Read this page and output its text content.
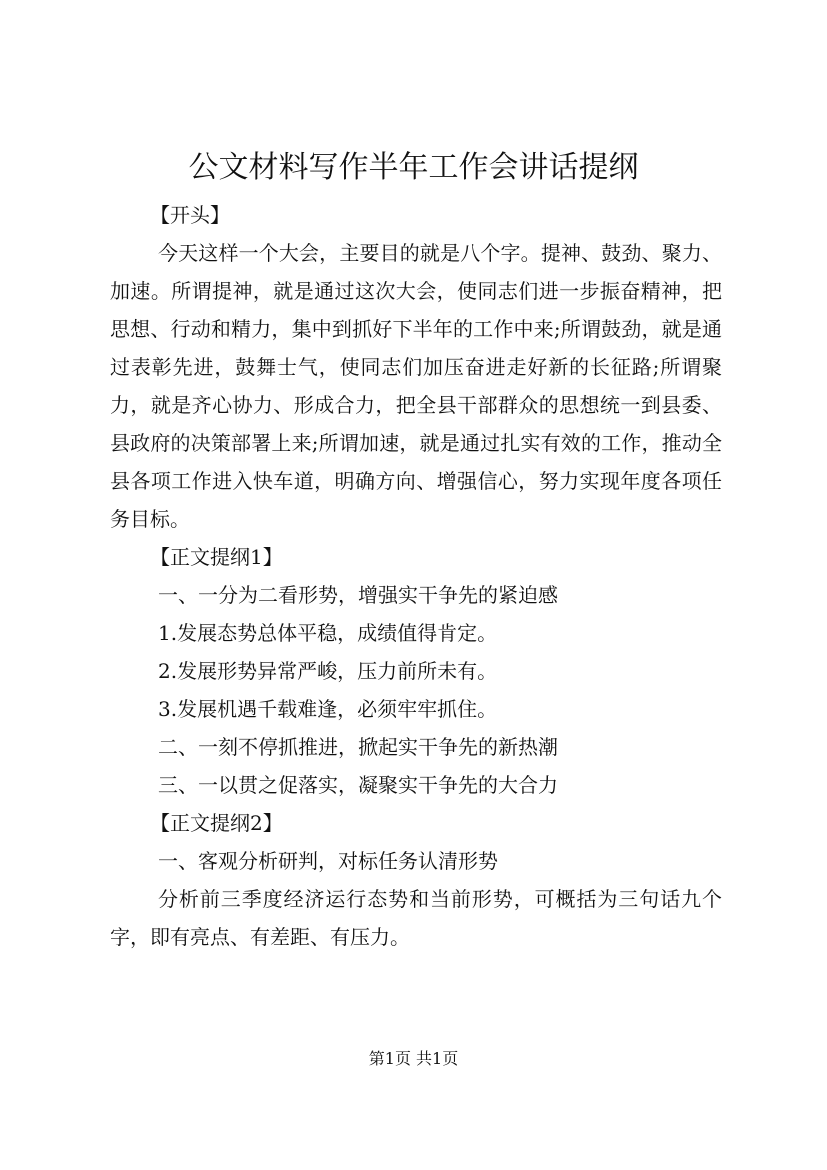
公文材料写作半年工作会讲话提纲

【开头】

今天这样一个大会，主要目的就是八个字。提神、鼓劲、聚力、加速。所谓提神，就是通过这次大会，使同志们进一步振奋精神，把思想、行动和精力，集中到抓好下半年的工作中来;所谓鼓劲，就是通过表彰先进，鼓舞士气，使同志们加压奋进走好新的长征路;所谓聚力，就是齐心协力、形成合力，把全县干部群众的思想统一到县委、县政府的决策部署上来;所谓加速，就是通过扎实有效的工作，推动全县各项工作进入快车道，明确方向、增强信心，努力实现年度各项任务目标。

【正文提纲1】

一、一分为二看形势，增强实干争先的紧迫感

1.发展态势总体平稳，成绩值得肯定。

2.发展形势异常严峻，压力前所未有。

3.发展机遇千载难逢，必须牢牢抓住。

二、一刻不停抓推进，掀起实干争先的新热潮

三、一以贯之促落实，凝聚实干争先的大合力

【正文提纲2】

一、客观分析研判，对标任务认清形势

分析前三季度经济运行态势和当前形势，可概括为三句话九个字，即有亮点、有差距、有压力。

第1页 共1页
